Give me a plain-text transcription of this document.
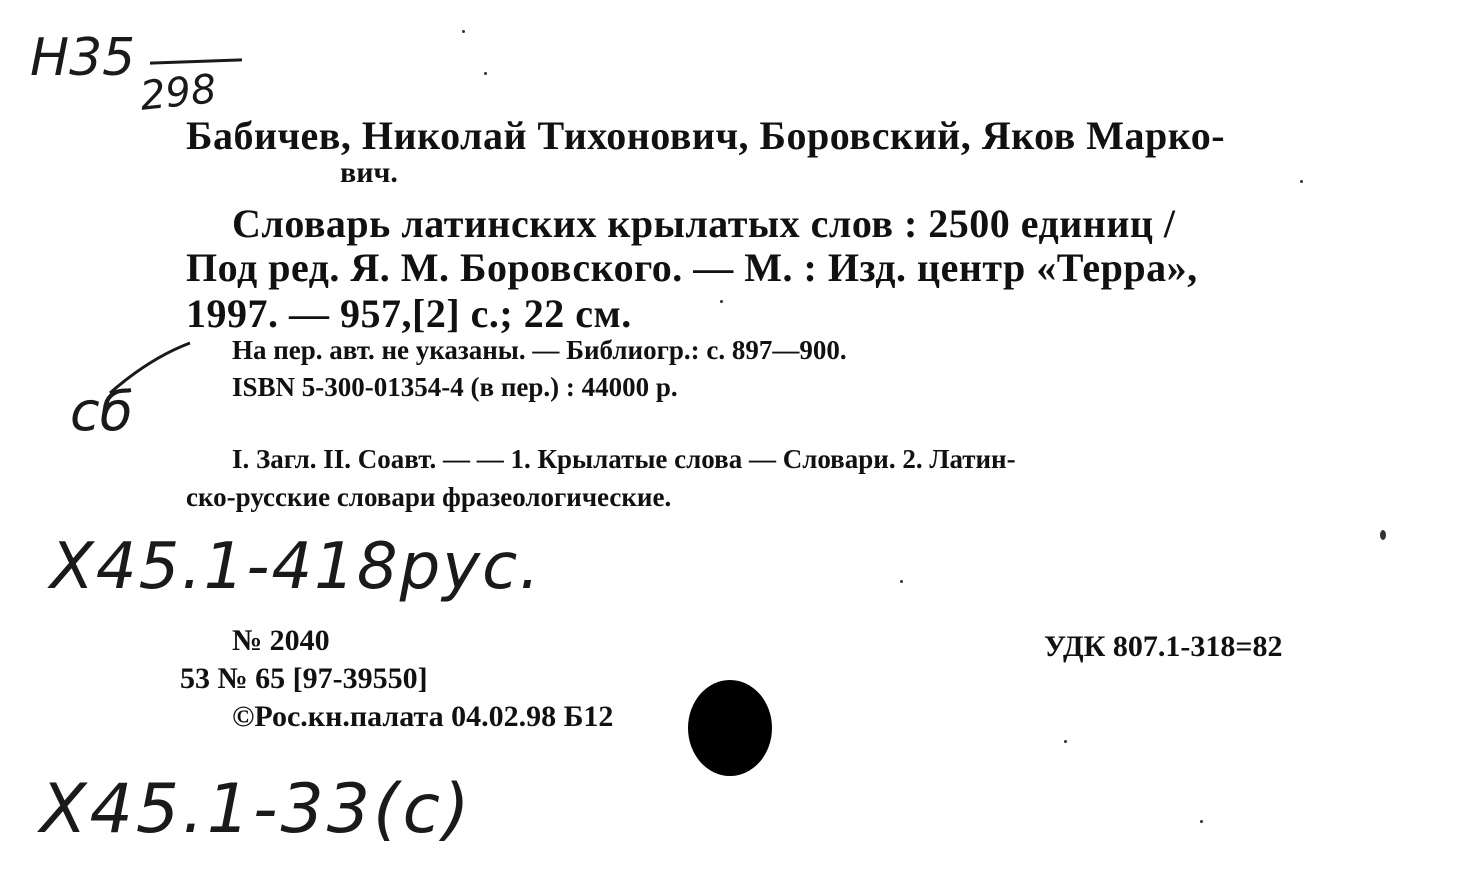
Н35
298
Бабичев, Николай Тихонович, Боровский, Яков Марко-
вич.
Словарь латинских крылатых слов : 2500 единиц /
Под ред. Я. М. Боровского. — М. : Изд. центр «Терра»,
1997. — 957,[2] с.; 22 см.
На пер. авт. не указаны. — Библиогр.: с. 897—900.
ISBN 5-300-01354-4 (в пер.) : 44000 р.
сб
I. Загл. II. Соавт. — — 1. Крылатые слова — Словари. 2. Латин-
ско-русские словари фразеологические.
Х45.1-418рус.
№ 2040	УДК 807.1-318=82
53 № 65 [97-39550]
©Рос.кн.палата 04.02.98 Б12
Х45.1-33(с)
